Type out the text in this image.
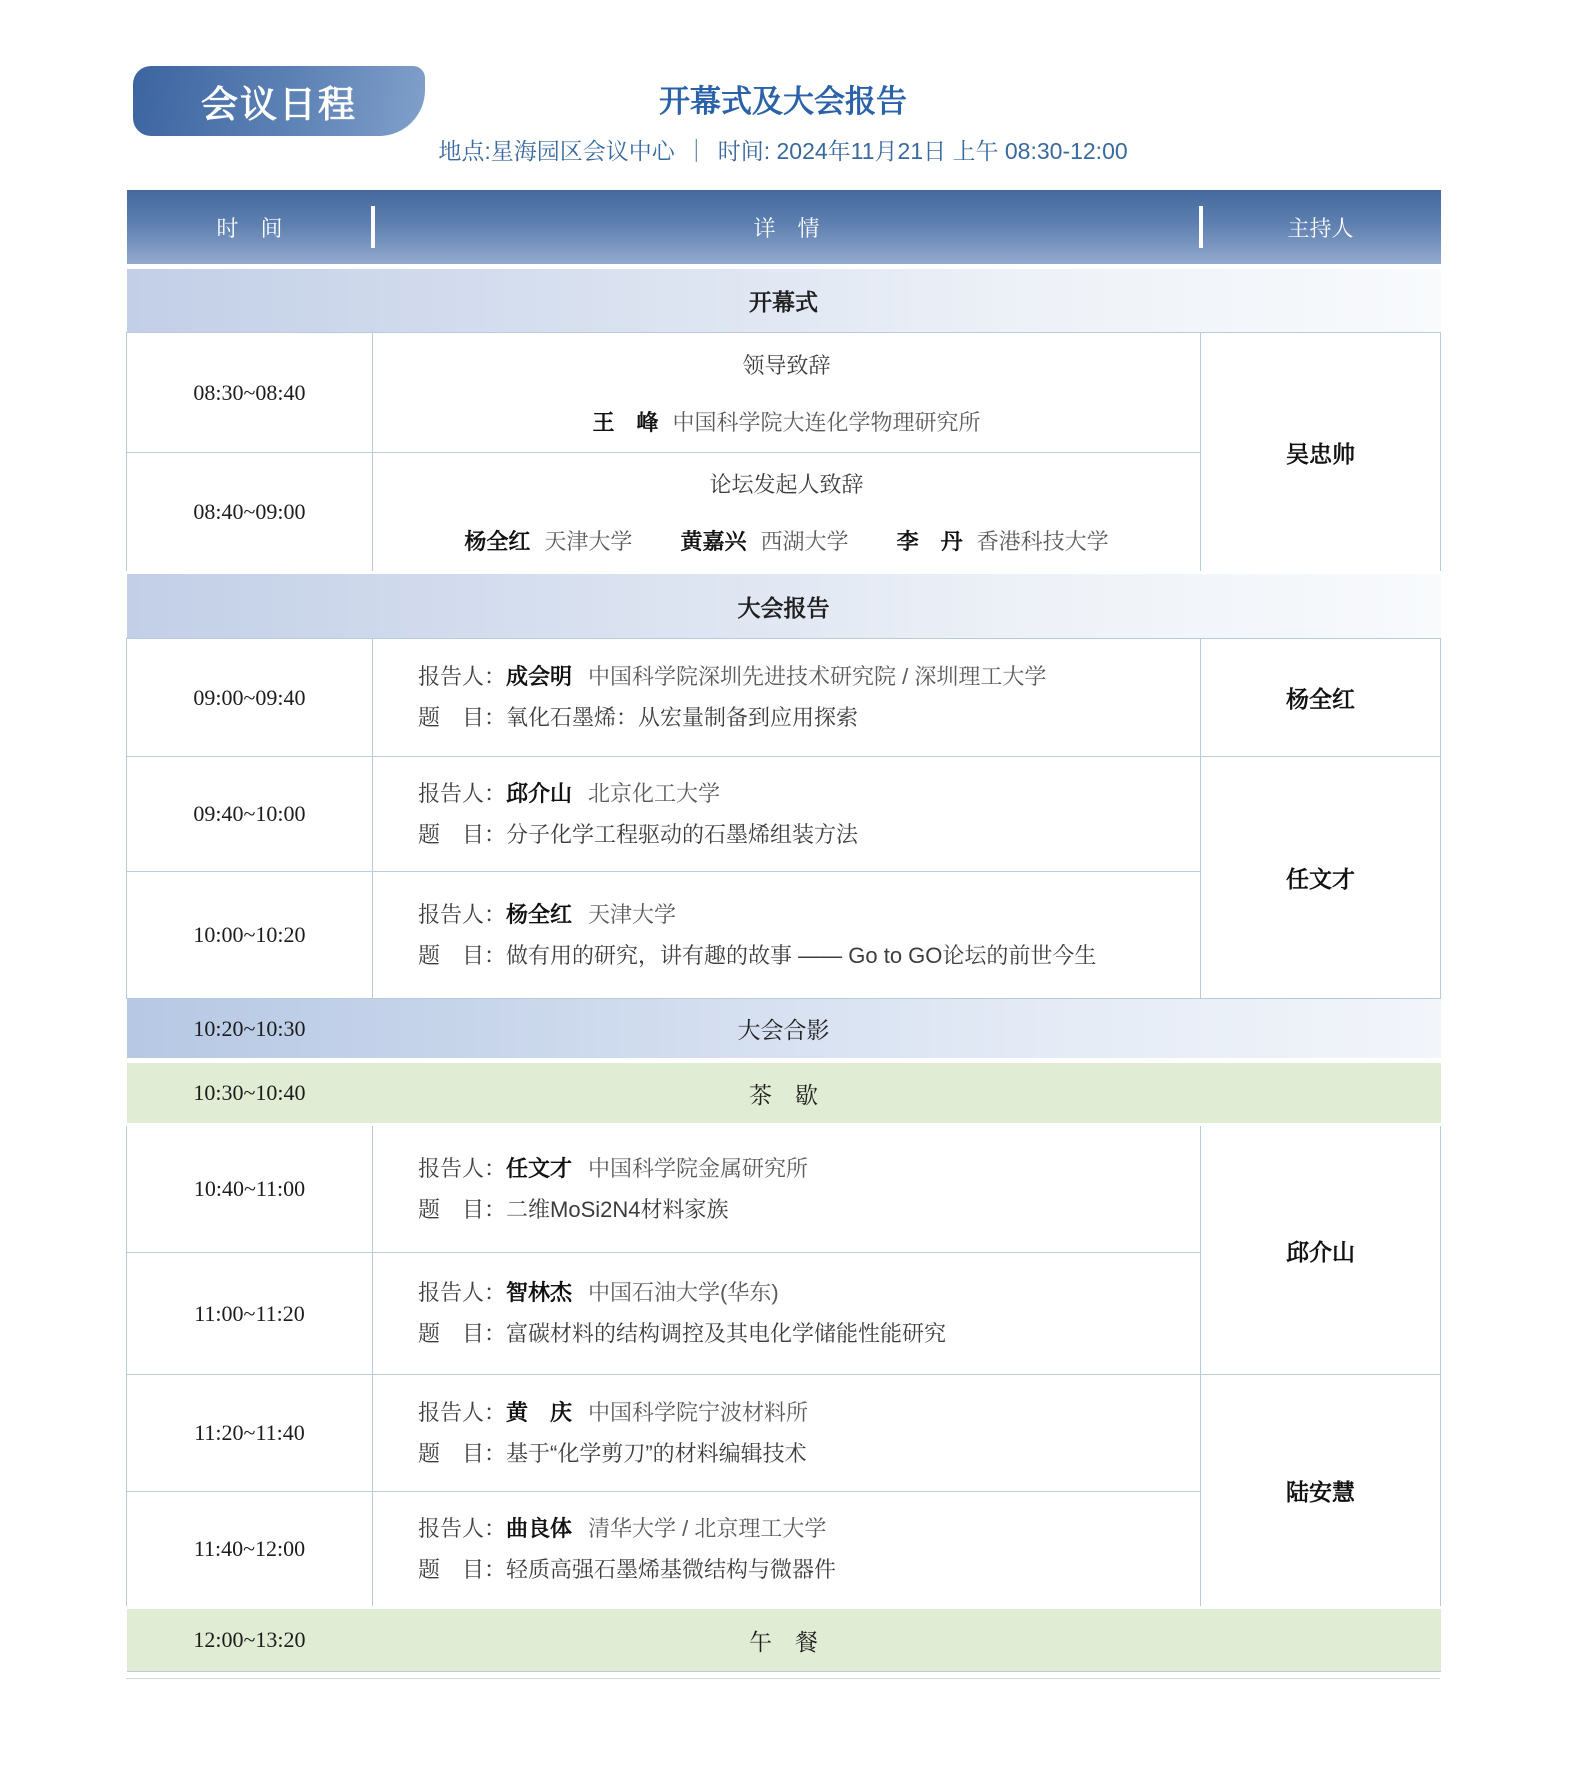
会议日程	开幕式及大会报告

地点:星海园区会议中心 ｜ 时间: 2024年11月21日 上午 08:30-12:00

时　间	详　情	主持人
开幕式		
08:30~08:40	领导致辞

王　峰 中国科学院大连化学物理研究所	吴忠帅
08:40~09:00	论坛发起人致辞

杨全红 天津大学 黄嘉兴 西湖大学 李　丹 香港科技大学	

大会报告		
09:00~09:40	报告人：成会明 中国科学院深圳先进技术研究院 / 深圳理工大学

题　目：氧化石墨烯：从宏量制备到应用探索	杨全红
09:40~10:00	报告人：邱介山 北京化工大学

题　目：分子化学工程驱动的石墨烯组装方法	任文才
10:00~10:20	报告人：杨全红 天津大学

题　目：做有用的研究，讲有趣的故事 —— Go to GO论坛的前世今生	

10:20~10:30 大会合影		

10:30~10:40 茶　歇		
10:40~11:00	报告人：任文才 中国科学院金属研究所

题　目：二维MoSi2N4材料家族	邱介山
11:00~11:20	报告人：智林杰 中国石油大学(华东)

题　目：富碳材料的结构调控及其电化学储能性能研究	

11:20~11:40	报告人：黄　庆 中国科学院宁波材料所

题　目：基于“化学剪刀”的材料编辑技术	陆安慧
11:40~12:00	报告人：曲良体 清华大学 / 北京理工大学

题　目：轻质高强石墨烯基微结构与微器件	

12:00~13:20 午　餐		
